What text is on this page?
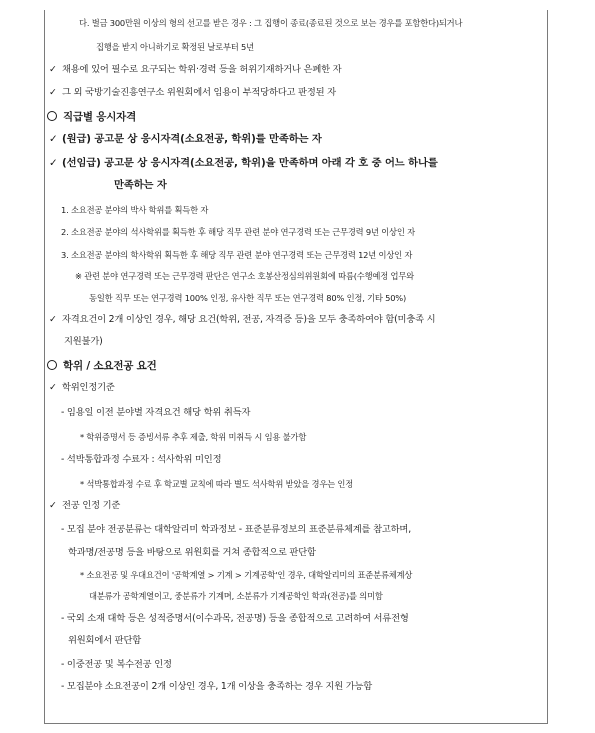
다. 벌금 300만원 이상의 형의 선고를 받은 경우 : 그 집행이 종료(종료된 것으로 보는 경우를 포함한다)되거나
집행을 받지 아니하기로 확정된 날로부터 5년
✓ 채용에 있어 필수로 요구되는 학위·경력 등을 허위기재하거나 은폐한 자
✓ 그 외 국방기술진흥연구소 위원회에서 임용이 부적당하다고 판정된 자
직급별 응시자격
✓ (원급) 공고문 상 응시자격(소요전공, 학위)를 만족하는 자
✓ (선임급) 공고문 상 응시자격(소요전공, 학위)을 만족하며 아래 각 호 중 어느 하나를
만족하는 자
1. 소요전공 분야의 박사 학위를 획득한 자
2. 소요전공 분야의 석사학위를 획득한 후 해당 직무 관련 분야 연구경력 또는 근무경력 9년 이상인 자
3. 소요전공 분야의 학사학위 획득한 후 해당 직무 관련 분야 연구경력 또는 근무경력 12년 이상인 자
※ 관련 분야 연구경력 또는 근무경력 판단은 연구소 호봉산정심의위원회에 따름(수행예정 업무와
동일한 직무 또는 연구경력 100% 인정, 유사한 직무 또는 연구경력 80% 인정, 기타 50%)
✓ 자격요건이 2개 이상인 경우, 해당 요건(학위, 전공, 자격증 등)을 모두 충족하여야 함(미충족 시
지원불가)
학위 / 소요전공 요건
✓ 학위인정기준
- 임용일 이전 분야별 자격요건 해당 학위 취득자
* 학위증명서 등 증빙서류 추후 제출, 학위 미취득 시 임용 불가함
- 석박통합과정 수료자 : 석사학위 미인정
* 석박통합과정 수료 후 학교별 교칙에 따라 별도 석사학위 받았을 경우는 인정
✓ 전공 인정 기준
- 모집 분야 전공분류는 대학알리미 학과정보 - 표준분류정보의 표준분류체계를 참고하며,
학과명/전공명 등을 바탕으로 위원회를 거쳐 종합적으로 판단함
* 소요전공 및 우대요건이 '공학계열 > 기계 > 기계공학'인 경우, 대학알리미의 표준분류체계상
대분류가 공학계열이고, 중분류가 기계며, 소분류가 기계공학인 학과(전공)를 의미함
- 국외 소재 대학 등은 성적증명서(이수과목, 전공명) 등을 종합적으로 고려하여 서류전형
위원회에서 판단함
- 이중전공 및 복수전공 인정
- 모집분야 소요전공이 2개 이상인 경우, 1개 이상을 충족하는 경우 지원 가능함
